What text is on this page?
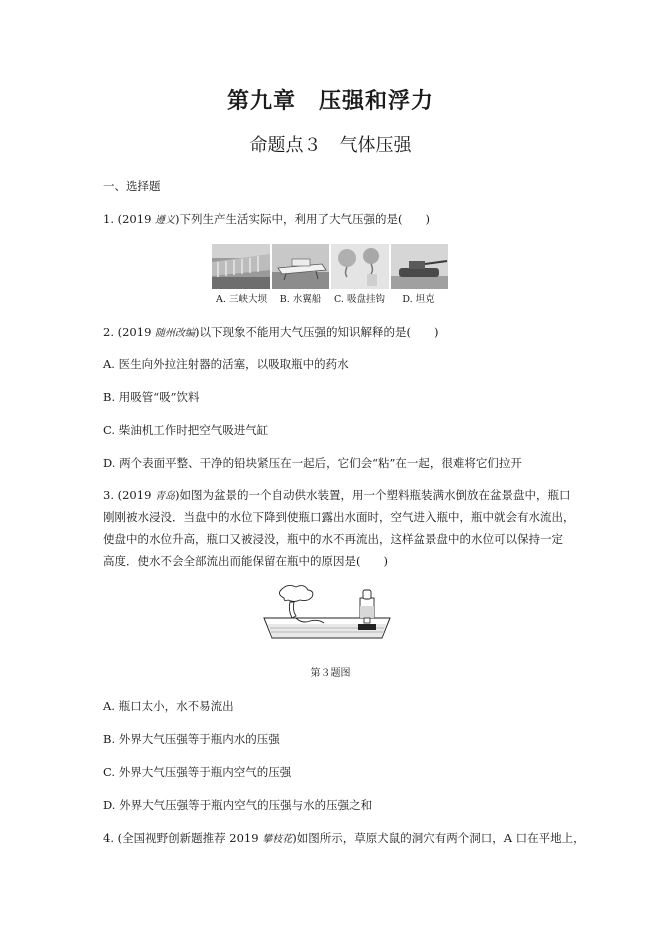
第九章　压强和浮力
命题点３　气体压强
一、选择题
1. (2019 遵义)下列生产生活实际中，利用了大气压强的是(　　)
A. 三峡大坝	B. 水翼船	C. 吸盘挂钩	D. 坦克
2. (2019 随州改编)以下现象不能用大气压强的知识解释的是(　　)
A. 医生向外拉注射器的活塞，以吸取瓶中的药水
B. 用吸管“吸”饮料
C. 柴油机工作时把空气吸进气缸
D. 两个表面平整、干净的铅块紧压在一起后，它们会“粘”在一起，很难将它们拉开
3. (2019 青岛)如图为盆景的一个自动供水装置，用一个塑料瓶装满水倒放在盆景盘中，瓶口
刚刚被水浸没．当盘中的水位下降到使瓶口露出水面时，空气进入瓶中，瓶中就会有水流出，
使盘中的水位升高，瓶口又被浸没，瓶中的水不再流出，这样盆景盘中的水位可以保持一定
高度．使水不会全部流出而能保留在瓶中的原因是(　　)
第３题图
A. 瓶口太小，水不易流出
B. 外界大气压强等于瓶内水的压强
C. 外界大气压强等于瓶内空气的压强
D. 外界大气压强等于瓶内空气的压强与水的压强之和
4. (全国视野创新题推荐 2019 攀枝花)如图所示，草原犬鼠的洞穴有两个洞口，A 口在平地上，
